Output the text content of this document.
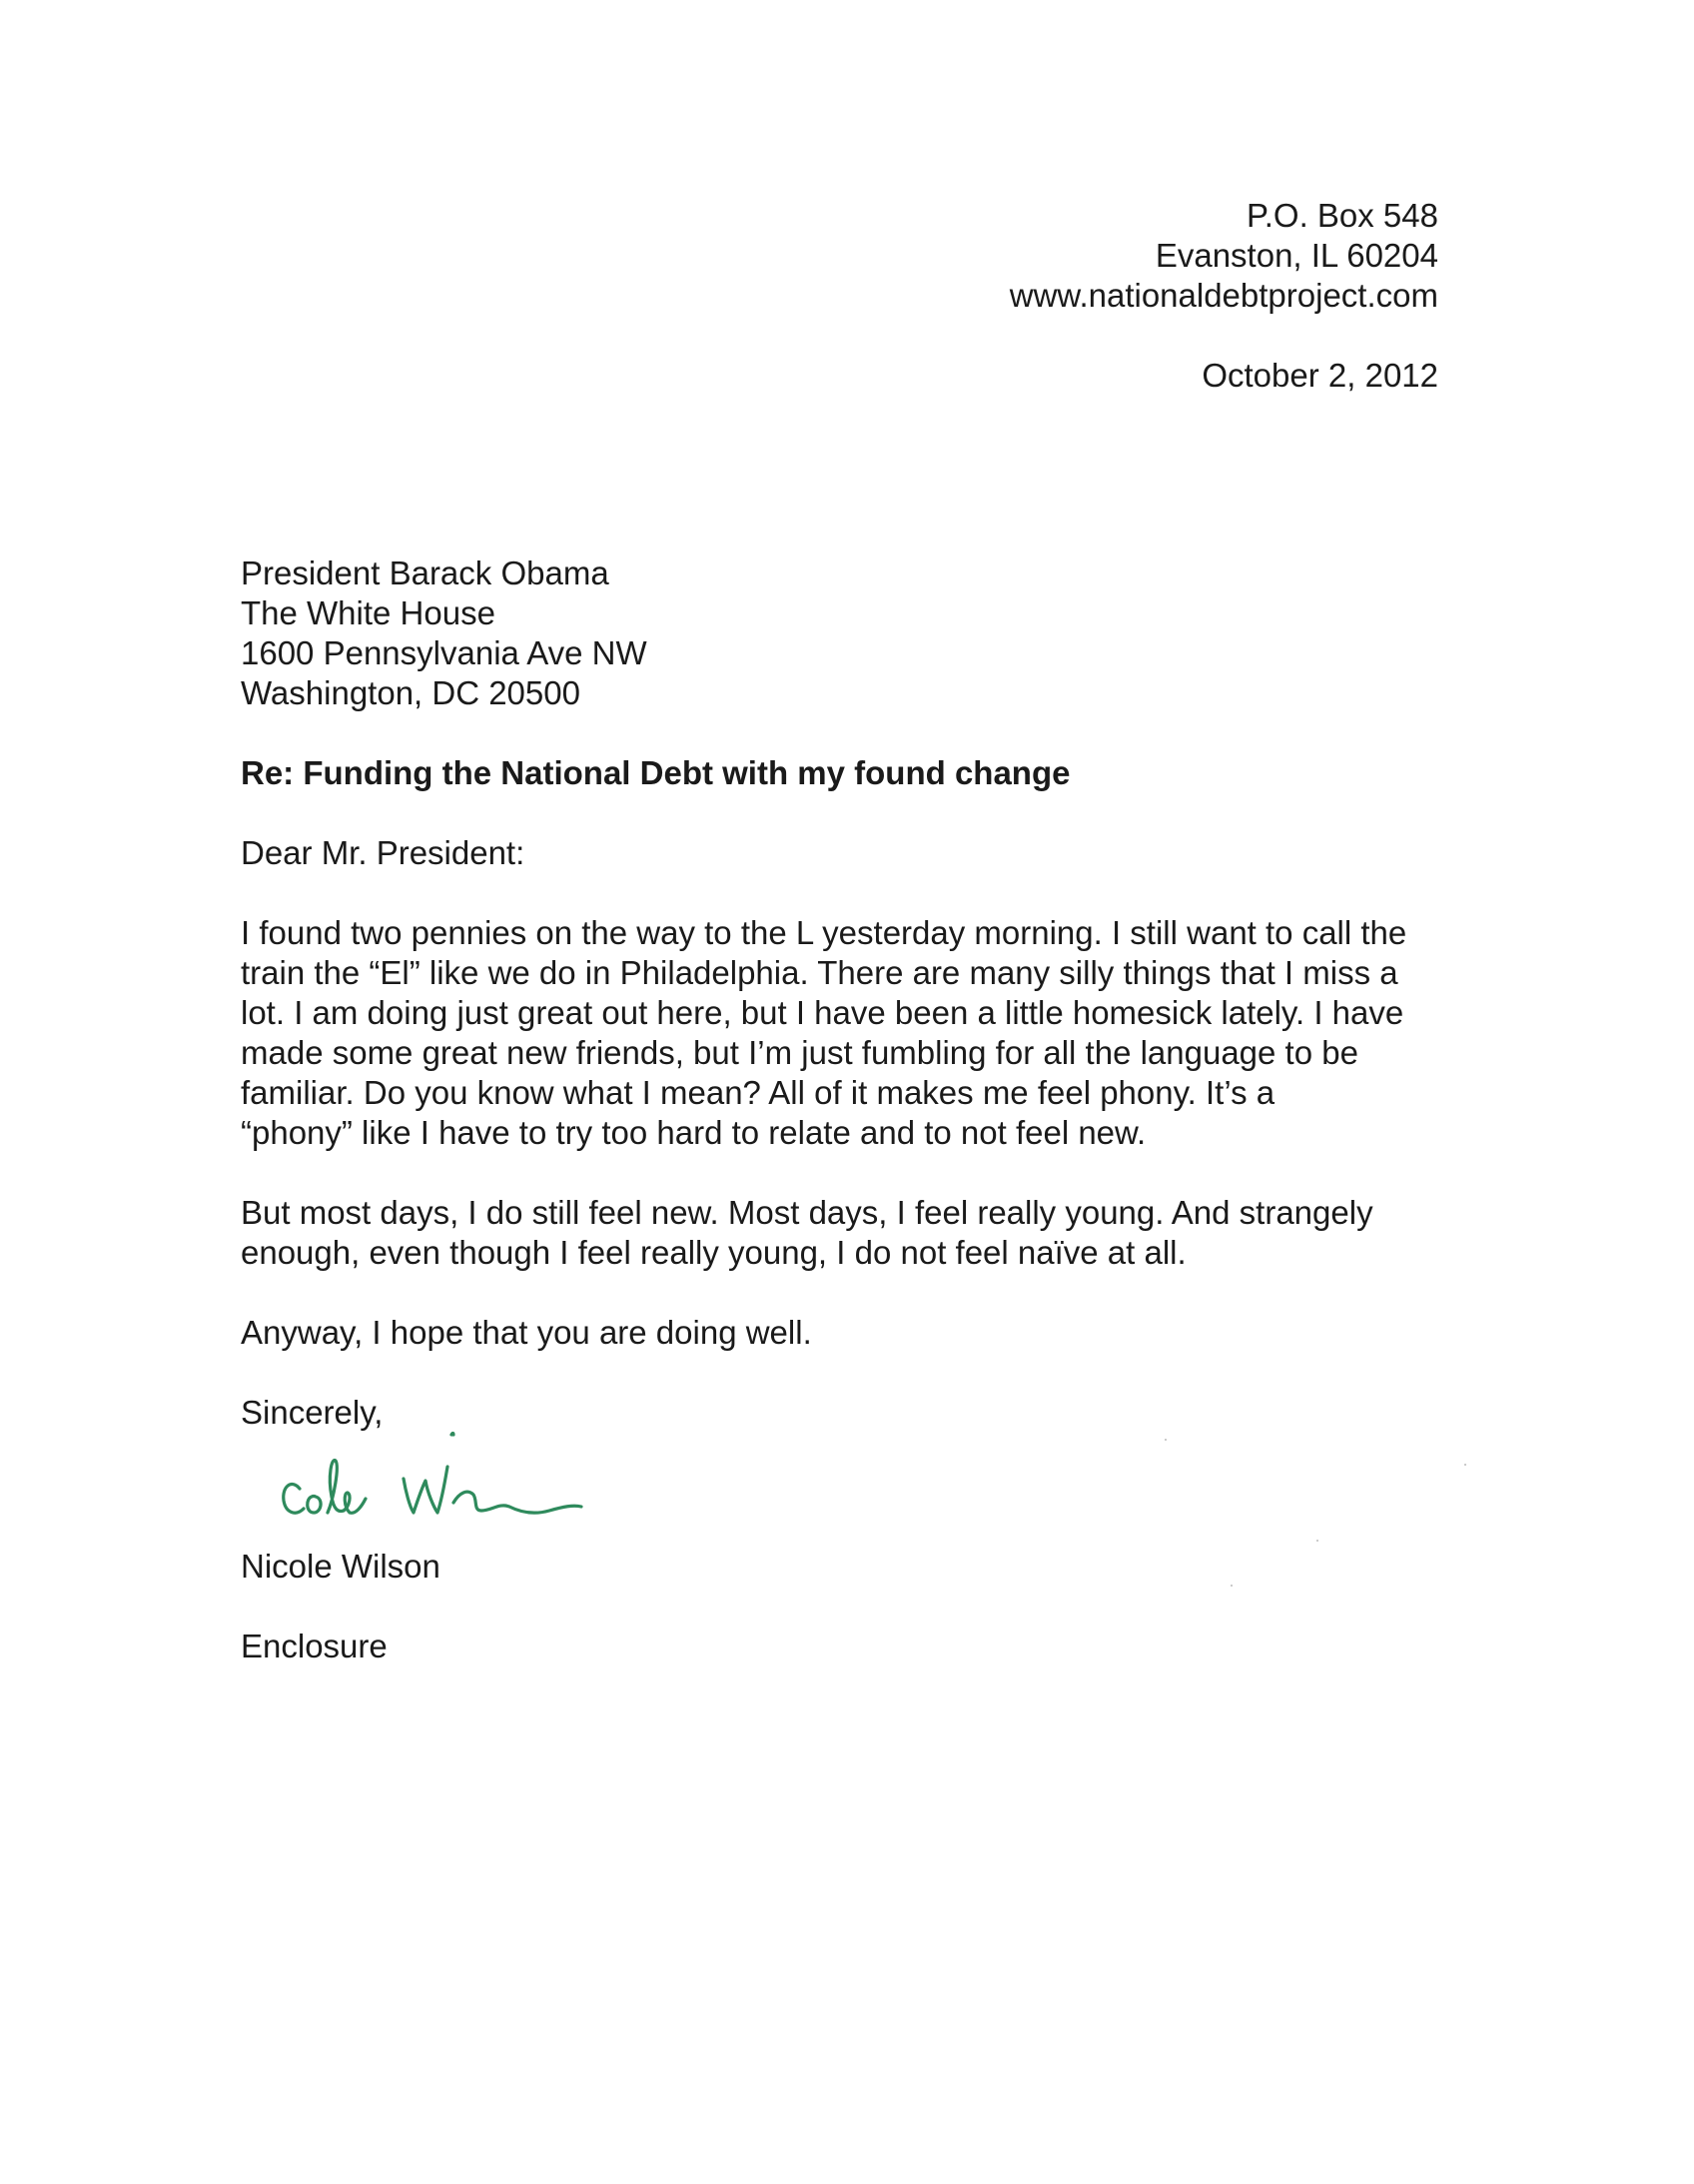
P.O. Box 548
Evanston, IL 60204
www.nationaldebtproject.com
October 2, 2012
President Barack Obama
The White House
1600 Pennsylvania Ave NW
Washington, DC 20500
Re: Funding the National Debt with my found change
Dear Mr. President:
I found two pennies on the way to the L yesterday morning. I still want to call the
train the “El” like we do in Philadelphia. There are many silly things that I miss a
lot. I am doing just great out here, but I have been a little homesick lately. I have
made some great new friends, but I’m just fumbling for all the language to be
familiar. Do you know what I mean? All of it makes me feel phony. It’s a
“phony” like I have to try too hard to relate and to not feel new.
But most days, I do still feel new. Most days, I feel really young. And strangely
enough, even though I feel really young, I do not feel naïve at all.
Anyway, I hope that you are doing well.
Sincerely,
Nicole Wilson
Enclosure
